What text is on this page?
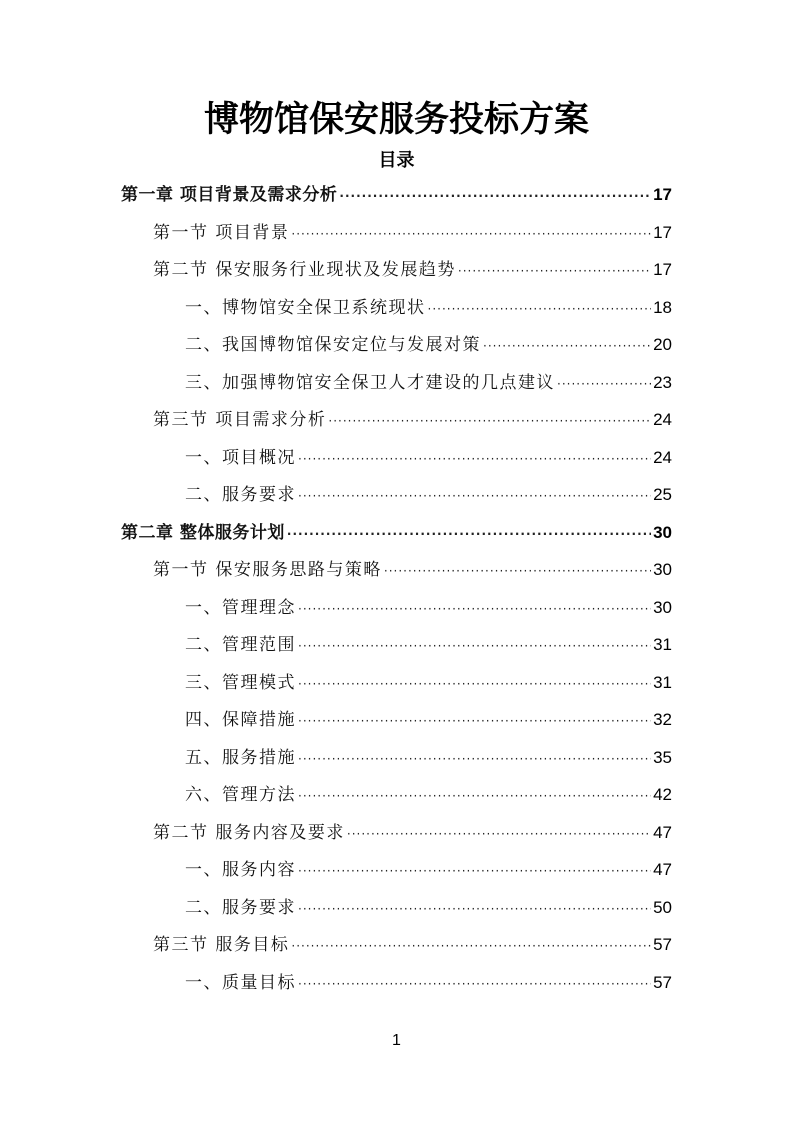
博物馆保安服务投标方案
目录
第一章 项目背景及需求分析 ·····	17
第一节 项目背景 ·····	17
第二节 保安服务行业现状及发展趋势 ·····	17
一、博物馆安全保卫系统现状 ·····	18
二、我国博物馆保安定位与发展对策 ·····	20
三、加强博物馆安全保卫人才建设的几点建议 ·····	23
第三节 项目需求分析 ·····	24
一、项目概况 ·····	24
二、服务要求 ·····	25
第二章 整体服务计划 ·····	30
第一节 保安服务思路与策略 ·····	30
一、管理理念 ·····	30
二、管理范围 ·····	31
三、管理模式 ·····	31
四、保障措施 ·····	32
五、服务措施 ·····	35
六、管理方法 ·····	42
第二节 服务内容及要求 ·····	47
一、服务内容 ·····	47
二、服务要求 ·····	50
第三节 服务目标 ·····	57
一、质量目标 ·····	57
1
